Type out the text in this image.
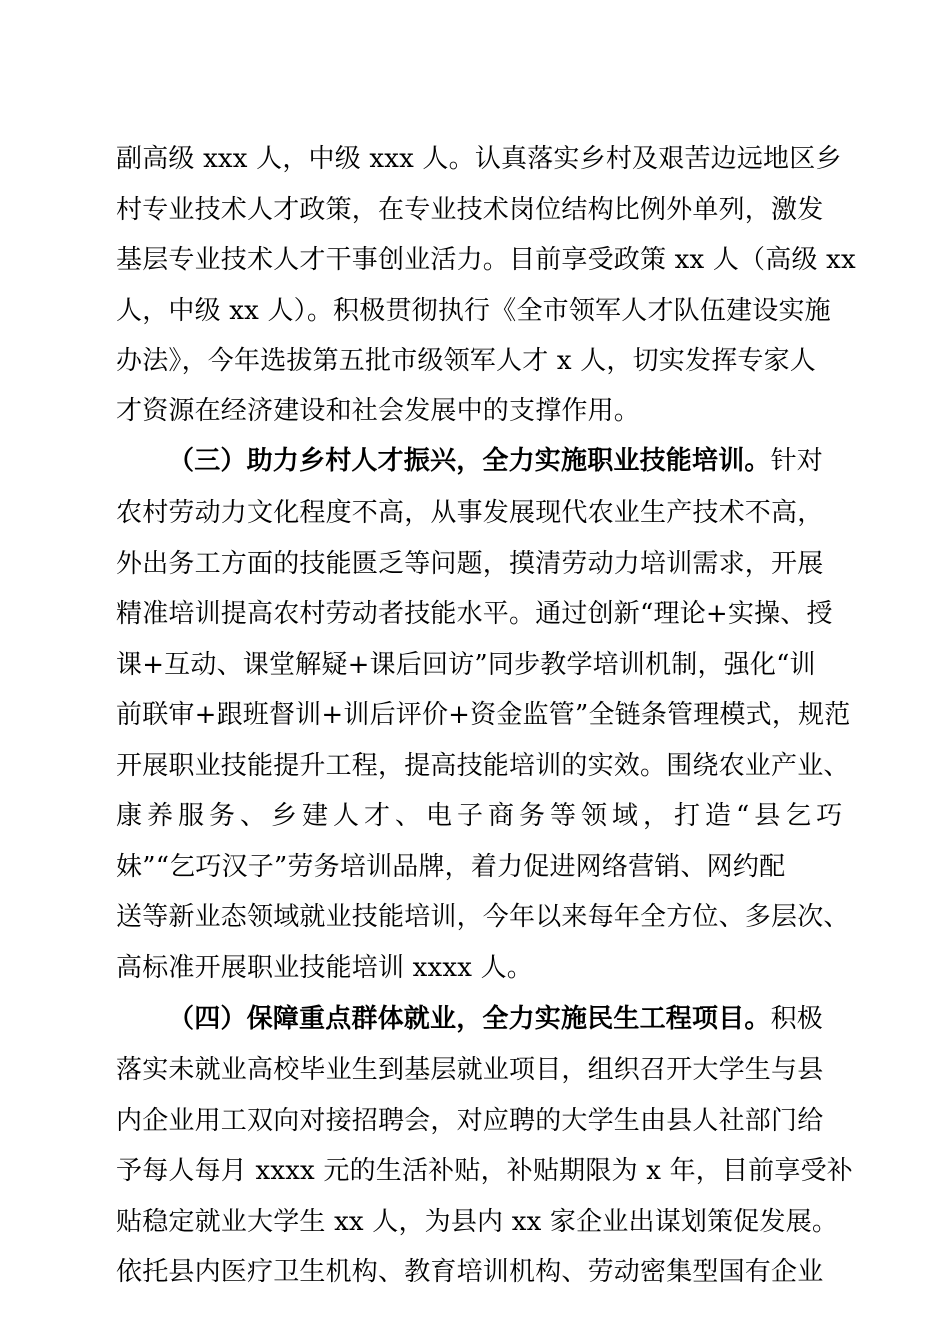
副高级 xxx 人，中级 xxx 人。认真落实乡村及艰苦边远地区乡
村专业技术人才政策，在专业技术岗位结构比例外单列，激发
基层专业技术人才干事创业活力。目前享受政策 xx 人（高级 xx
人，中级 xx 人）。积极贯彻执行《全市领军人才队伍建设实施
办法》，今年选拔第五批市级领军人才 x 人，切实发挥专家人
才资源在经济建设和社会发展中的支撑作用。
（三）助力乡村人才振兴，全力实施职业技能培训。针对
农村劳动力文化程度不高，从事发展现代农业生产技术不高，
外出务工方面的技能匮乏等问题，摸清劳动力培训需求，开展
精准培训提高农村劳动者技能水平。通过创新“理论+实操、授
课+互动、课堂解疑+课后回访”同步教学培训机制，强化“训
前联审+跟班督训+训后评价+资金监管”全链条管理模式，规范
开展职业技能提升工程，提高技能培训的实效。围绕农业产业、
康养服务、乡建人才、电子商务等领域，打造“县乞巧
妹”“乞巧汉子”劳务培训品牌，着力促进网络营销、网约配
送等新业态领域就业技能培训，今年以来每年全方位、多层次、
高标准开展职业技能培训 xxxx 人。
（四）保障重点群体就业，全力实施民生工程项目。积极
落实未就业高校毕业生到基层就业项目，组织召开大学生与县
内企业用工双向对接招聘会，对应聘的大学生由县人社部门给
予每人每月 xxxx 元的生活补贴，补贴期限为 x 年，目前享受补
贴稳定就业大学生 xx 人，为县内 xx 家企业出谋划策促发展。
依托县内医疗卫生机构、教育培训机构、劳动密集型国有企业
